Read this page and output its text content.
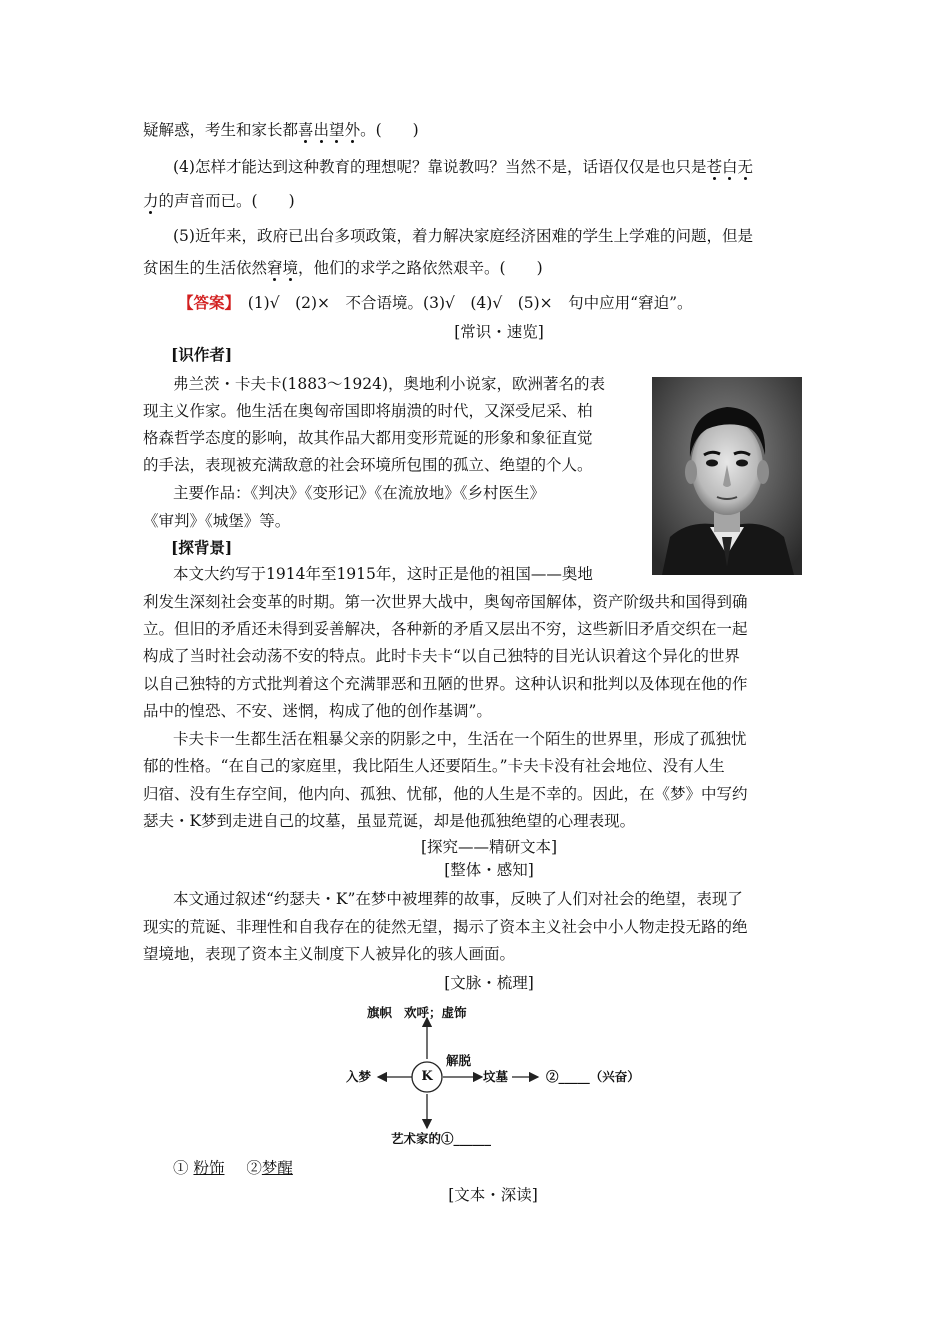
疑解惑，考生和家长都喜出望外。(　　)
(4)怎样才能达到这种教育的理想呢？靠说教吗？当然不是，话语仅仅是也只是苍白无
力的声音而已。(　　)
(5)近年来，政府已出台多项政策，着力解决家庭经济困难的学生上学难的问题，但是
贫困生的生活依然窘境，他们的求学之路依然艰辛。(　　)
【答案】　(1)√　(2)×　不合语境。(3)√　(4)√　(5)×　句中应用“窘迫”。
[常识・速览]
[识作者]
弗兰茨・卡夫卡(1883～1924)，奥地利小说家，欧洲著名的表
现主义作家。他生活在奥匈帝国即将崩溃的时代，又深受尼采、柏
格森哲学态度的影响，故其作品大都用变形荒诞的形象和象征直觉
的手法，表现被充满敌意的社会环境所包围的孤立、绝望的个人。
主要作品：《判决》《变形记》《在流放地》《乡村医生》
《审判》《城堡》等。
[探背景]
本文大约写于1914年至1915年，这时正是他的祖国——奥地
利发生深刻社会变革的时期。第一次世界大战中，奥匈帝国解体，资产阶级共和国得到确
立。但旧的矛盾还未得到妥善解决，各种新的矛盾又层出不穷，这些新旧矛盾交织在一起
构成了当时社会动荡不安的特点。此时卡夫卡“以自己独特的目光认识着这个异化的世界
以自己独特的方式批判着这个充满罪恶和丑陋的世界。这种认识和批判以及体现在他的作
品中的惶恐、不安、迷惘，构成了他的创作基调”。
卡夫卡一生都生活在粗暴父亲的阴影之中，生活在一个陌生的世界里，形成了孤独忧
郁的性格。“在自己的家庭里，我比陌生人还要陌生。”卡夫卡没有社会地位、没有人生
归宿、没有生存空间，他内向、孤独、忧郁，他的人生是不幸的。因此，在《梦》中写约
瑟夫・K梦到走进自己的坟墓，虽显荒诞，却是他孤独绝望的心理表现。
[探究——精研文本]
[整体・感知]
本文通过叙述“约瑟夫・K”在梦中被埋葬的故事，反映了人们对社会的绝望，表现了
现实的荒诞、非理性和自我存在的徒然无望，揭示了资本主义社会中小人物走投无路的绝
望境地，表现了资本主义制度下人被异化的骇人画面。
[文脉・梳理]
K
旗帜 欢呼；虚饰
入梦
解脱
坟墓	②_____（兴奋）
艺术家的①______
① 粉饰 ②梦醒
[文本・深读]
